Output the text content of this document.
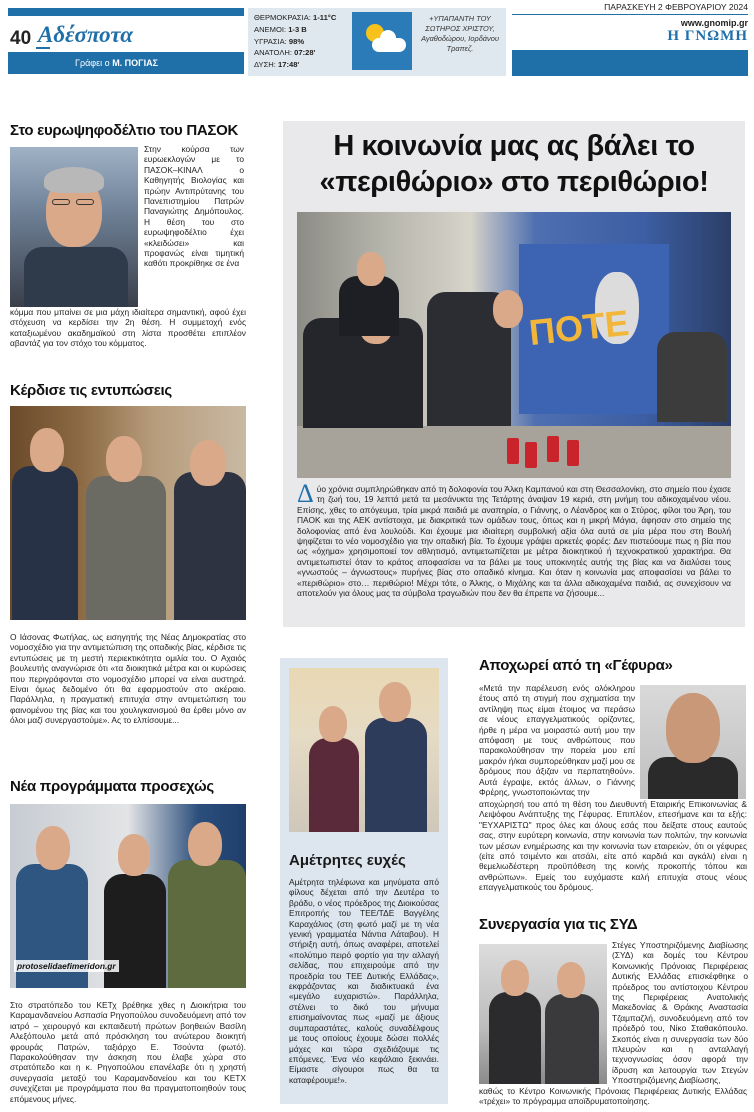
40 Αδέσποτα
Γράφει ο Μ. ΠΟΓΙΑΣ
ΘΕΡΜΟΚΡΑΣΙΑ: 1-11°C
ΑΝΕΜΟΙ: 1-3 Β
ΥΓΡΑΣΙΑ: 98%
ΑΝΑΤΟΛΗ: 07:28'
ΔΥΣΗ: 17:48'
+ΥΠΑΠΑΝΤΗ ΤΟΥ ΣΩΤΗΡΟΣ ΧΡΙΣΤΟΥ, Αγαθοδώρου, Ιορδάνου Τραπεζ.
ΠΑΡΑΣΚΕΥΗ 2 ΦΕΒΡΟΥΑΡΙΟΥ 2024
www.gnomip.gr
Η ΓΝΩΜΗ
Στο ευρωψηφοδέλτιο του ΠΑΣΟΚ

Στην κούρσα των ευρωεκλογών με το ΠΑΣΟΚ–ΚΙΝΑΛ ο Καθηγητής Βιολογίας και πρώην Αντιπρύτανης του Πανεπιστημίου Πατρών Παναγιώτης Δημόπουλος. Η θέση του στο ευρωψηφοδέλτιο έχει «κλειδώσει» και προφανώς είναι τιμητική καθότι προκρίθηκε σε ένα

κόμμα που μπαίνει σε μια μάχη ιδιαίτερα σημαντική, αφού έχει στόχευση να κερδίσει την 2η θέση. Η συμμετοχή ενός καταξιωμένου ακαδημαϊκού στη λίστα προσθέτει επιπλέον αβαντάζ για τον στόχο του κόμματος.

Κέρδισε τις εντυπώσεις

Ο Ιάσονας Φωτήλας, ως εισηγητής της Νέας Δημοκρατίας στο νομοσχέδιο για την αντιμετώπιση της οπαδικής βίας, κέρδισε τις εντυπώσεις με τη μεστή περιεκτικότητα ομιλία του. Ο Αχαιός βουλευτής αναγνώρισε ότι «τα διοικητικά μέτρα και οι κυρώσεις που περιγράφονται στο νομοσχέδιο μπορεί να είναι αυστηρά. Είναι όμως δεδομένο ότι θα εφαρμοστούν στο ακέραιο. Παράλληλα, η πραγματική επιτυχία στην αντιμετώπιση του φαινομένου της βίας και του χουλιγκανισμού θα έρθει μόνο αν όλοι μαζί συνεργαστούμε». Ας το ελπίσουμε...

Νέα προγράμματα προσεχώς
protoselidaefimeridon.gr

Στο στρατόπεδο του ΚΕΤχ βρέθηκε χθες η Διοικήτρια του Καραμανδανείου Ασπασία Ρηγοπούλου συνοδευόμενη από τον ιατρό – χειρουργό και εκπαιδευτή πρώτων βοηθειών Βασίλη Αλεξόπουλο μετά από πρόσκληση του ανώτερου διοικητή φρουράς Πατρών, ταξιάρχο Ε. Τσούντα (φωτό). Παρακολούθησαν την άσκηση που έλαβε χώρα στο στρατόπεδο και η κ. Ρηγοπούλου επανέλαβε ότι η χρηστή συνεργασία μεταξύ του Καραμανδανείου και του ΚΕΤΧ συνεχίζεται με προγράμματα που θα πραγματοποιηθούν τους επόμενους μήνες.

Η κοινωνία μας ας βάλει το «περιθώριο» στο περιθώριο!
ΠΟΤΕ

Δύο χρόνια συμπληρώθηκαν από τη δολοφονία του Άλκη Καμπανού και στη Θεσσαλονίκη, στο σημείο που έχασε τη ζωή του, 19 λεπτά μετά τα μεσάνυκτα της Τετάρτης άναψαν 19 κεριά, στη μνήμη του αδικοχαμένου νέου. Επίσης, χθες το απόγευμα, τρία μικρά παιδιά με αναπηρία, ο Γιάννης, ο Λέανδρος και ο Στύρος, φίλοι του Άρη, του ΠΑΟΚ και της ΑΕΚ αντίστοιχα, με διακριτικά των ομάδων τους, όπως και η μικρή Μάγια, άφησαν στο σημείο της δολοφονίας από ένα λουλούδι. Και έχουμε μια ιδιαίτερη συμβολική αξία όλα αυτά σε μία μέρα που στη Βουλή ψηφίζεται το νέο νομοσχέδιο για την οπαδική βία. Το έχουμε γράψει αρκετές φορές: Δεν πιστεύουμε πως η βία που ως «όχημα» χρησιμοποιεί τον αθλητισμό, αντιμετωπίζεται με μέτρα διοικητικού ή τεχνοκρατικού χαρακτήρα. Θα αντιμετωπιστεί όταν το κράτος αποφασίσει να τα βάλει με τους υποκινητές αυτής της βίας και να διαλύσει τους «γνωστούς – άγνωστους» πυρήνες βίας στο οπαδικό κίνημα. Και όταν η κοινωνία μας αποφασίσει να βάλει το «περιθώριο» στο… περιθώριο! Μέχρι τότε, ο Άλκης, ο Μιχάλης και τα άλλα αδικοχαμένα παιδιά, ας συνεχίσουν να αποτελούν για όλους μας τα σύμβολα τραγωδιών που δεν θα έπρεπε να ζήσουμε...

Αμέτρητες ευχές

Αμέτρητα τηλέφωνα και μηνύματα από φίλους δέχεται από την Δευτέρα το βράδυ, ο νέος πρόεδρος της Διοικούσας Επιτροπής του ΤΕΕ/ΤΔΕ Βαγγέλης Καραχάλιος (στη φωτό μαζί με τη νέα γενική γραμματέα Νάντια Λάταβου). Η στήριξη αυτή, όπως αναφέρει, αποτελεί «πολύτιμο πειρό φορτίο για την αλλαγή σελίδας, που επιχειρούμε από την προεδρία του ΤΕΕ Δυτικής Ελλάδας», εκφράζοντας και διαδικτυακά ένα «μεγάλο ευχαριστώ». Παράλληλα, στέλνει το δικό του μήνυμα επισημαίνοντας πως «μαζί με άξιους συμπαραστάτες, καλούς συναδέλφους με τους οποίους έχουμε δώσει πολλές μάχες και τώρα σχεδιάζουμε τις επόμενες. Ένα νέο κεφάλαιο ξεκινάει. Είμαστε σίγουροι πως θα τα καταφέρουμε!».

Αποχωρεί από τη «Γέφυρα»

«Μετά την παρέλευση ενός ολόκληρου έτους από τη στιγμή που σχηματίσα την αντίληψη πως είμαι έτοιμος να περάσω σε νέους επαγγελματικούς ορίζοντες, ήρθε η μέρα να μοιραστώ αυτή μου την απόφαση με τους ανθρώπους που παρακολούθησαν την πορεία μου επί μακρόν ή/και συμπορεύθηκαν μαζί μου σε δρόμους που άξιζαν να περπατηθούν». Αυτά έγραψε, εκτός άλλων, ο Γιάννης Φρέρης, γνωστοποιώντας την

αποχώρησή του από τη θέση του Διευθυντή Εταιρικής Επικοινωνίας & Λειψόφου Ανάπτυξης της Γέφυρας. Επιπλέον, επεσήμανε και τα εξής: "ΕΥΧΑΡΙΣΤΩ" προς όλες και όλους εσάς που δείξατε στους εαυτούς σας, στην ευρύτερη κοινωνία, στην κοινωνία των πολιτών, την κοινωνία των μέσων ενημέρωσης και την κοινωνία των εταιρειών, ότι οι γέφυρες (είτε από τσιμέντο και ατσάλι, είτε από καρδιά και αγκάλι) είναι η θεμελιωδέστερη προϋπόθεση της κοινής προκοπής τόπου και ανθρώπων». Εμείς του ευχόμαστε καλή επιτυχία στους νέους επαγγελματικούς του δρόμους.

Συνεργασία για τις ΣΥΔ

Στέγες Υποστηριζόμενης Διαβίωσης (ΣΥΔ) και δομές του Κέντρου Κοινωνικής Πρόνοιας Περιφέρειας Δυτικής Ελλάδας επισκέφθηκε ο πρόεδρος του αντίστοιχου Κέντρου της Περιφέρειας Ανατολικής Μακεδονίας & Θράκης Αναστασία Τζαμπαζλή, συνοδευόμενη από τον πρόεδρό του, Νίκο Σταθακόπουλο. Σκοπός είναι η συνεργασία των δύο πλευρών και η ανταλλαγή τεχνογνωσίας όσον αφορά την ίδρυση και λειτουργία των Στεγών Υποστηριζόμενης Διαβίωσης,

καθώς το Κέντρο Κοινωνικής Πρόνοιας Περιφέρειας Δυτικής Ελλάδας «τρέχει» το πρόγραμμα αποϊδρυματοποίησης.
